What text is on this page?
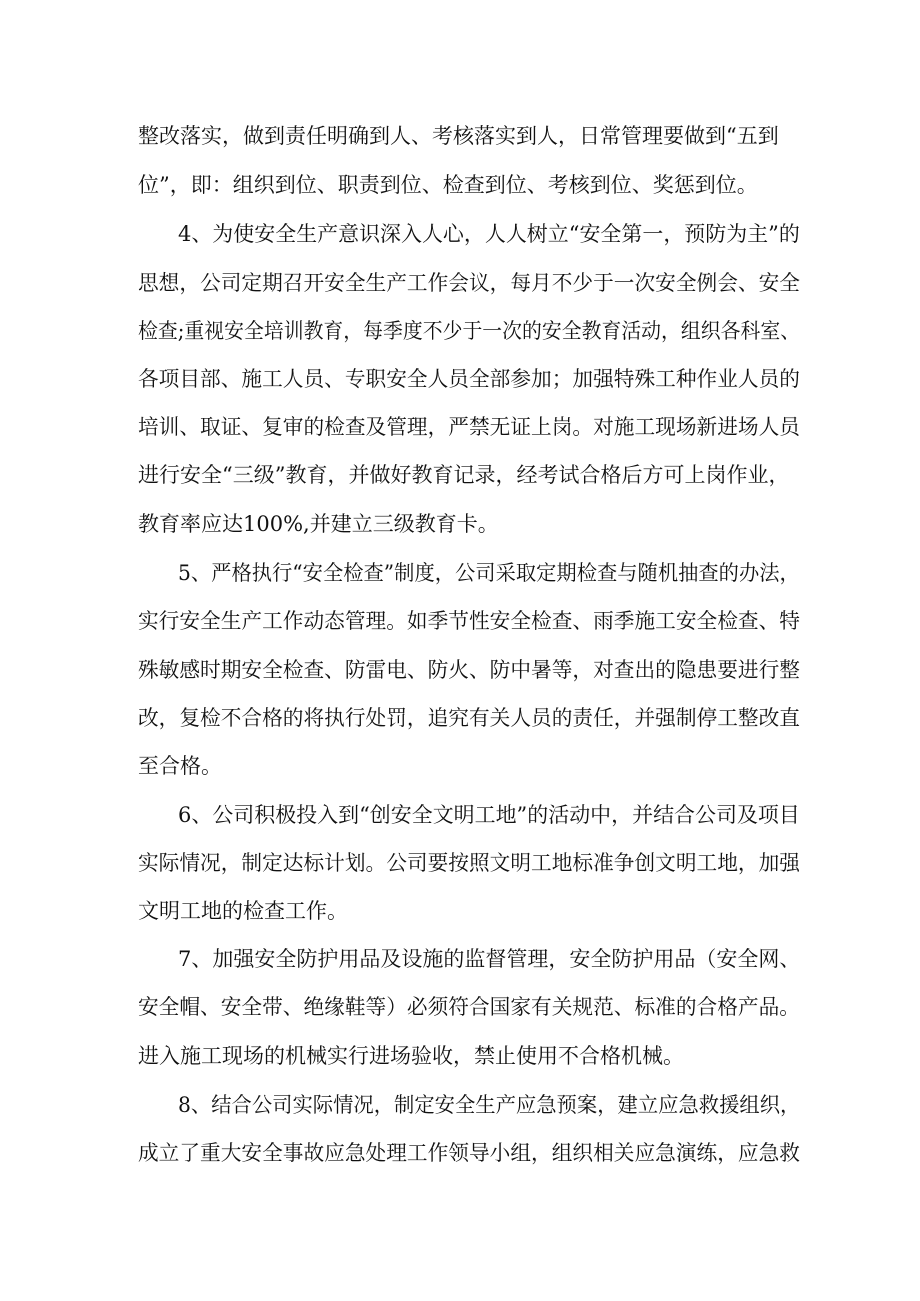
整改落实，做到责任明确到人、考核落实到人，日常管理要做到“五到
位”，即：组织到位、职责到位、检查到位、考核到位、奖惩到位。
4、为使安全生产意识深入人心，人人树立“安全第一，预防为主”的
思想，公司定期召开安全生产工作会议，每月不少于一次安全例会、安全
检查;重视安全培训教育，每季度不少于一次的安全教育活动，组织各科室、
各项目部、施工人员、专职安全人员全部参加；加强特殊工种作业人员的
培训、取证、复审的检查及管理，严禁无证上岗。对施工现场新进场人员
进行安全“三级”教育，并做好教育记录，经考试合格后方可上岗作业，
教育率应达100%,并建立三级教育卡。
5、严格执行“安全检查”制度，公司采取定期检查与随机抽查的办法，
实行安全生产工作动态管理。如季节性安全检查、雨季施工安全检查、特
殊敏感时期安全检查、防雷电、防火、防中暑等，对查出的隐患要进行整
改，复检不合格的将执行处罚，追究有关人员的责任，并强制停工整改直
至合格。
6、公司积极投入到“创安全文明工地”的活动中，并结合公司及项目
实际情况，制定达标计划。公司要按照文明工地标准争创文明工地，加强
文明工地的检查工作。
7、加强安全防护用品及设施的监督管理，安全防护用品（安全网、
安全帽、安全带、绝缘鞋等）必须符合国家有关规范、标准的合格产品。
进入施工现场的机械实行进场验收，禁止使用不合格机械。
8、结合公司实际情况，制定安全生产应急预案，建立应急救援组织，
成立了重大安全事故应急处理工作领导小组，组织相关应急演练，应急救
